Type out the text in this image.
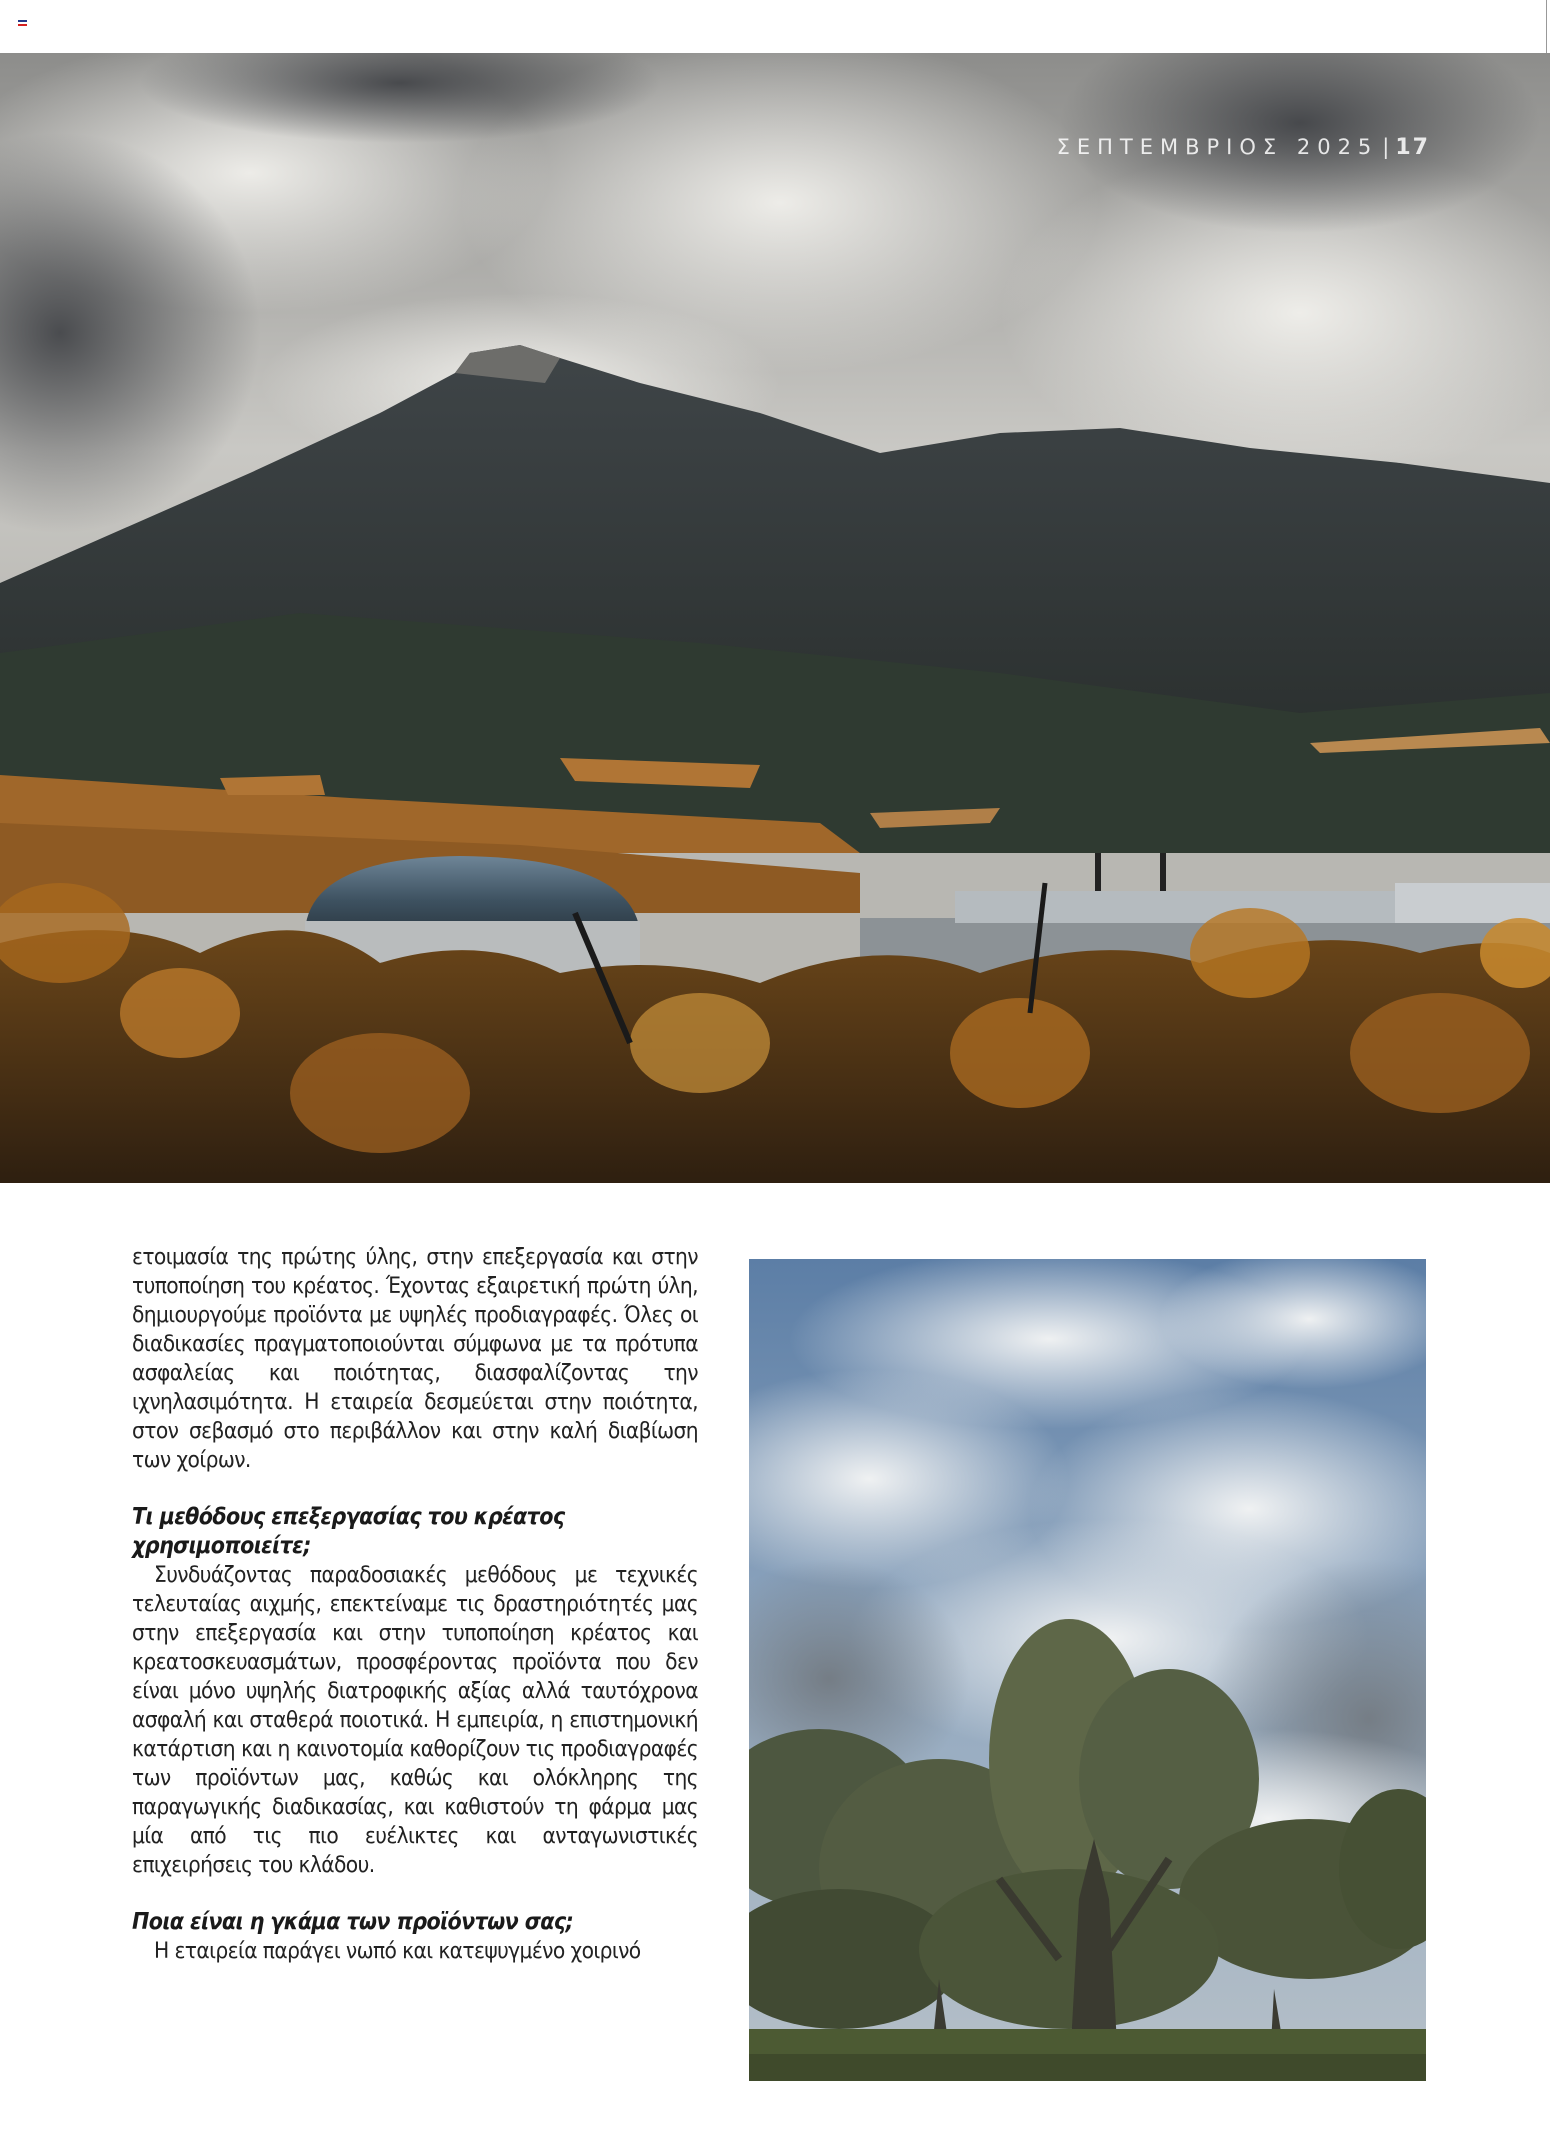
ΣΕΠΤΕΜΒΡΙΟΣ 2025 | 17

ετοιμασία της πρώτης ύλης, στην επεξεργασία και στην τυποποίηση του κρέατος. Έχοντας εξαιρετική πρώτη ύλη, δημιουργούμε προϊόντα με υψηλές προδιαγραφές. Όλες οι διαδικασίες πραγματοποιούνται σύμφωνα με τα πρότυπα ασφαλείας και ποιότητας, διασφαλίζοντας την ιχνηλασιμότητα. Η εταιρεία δεσμεύεται στην ποιότητα, στον σεβασμό στο περιβάλλον και στην καλή διαβίωση των χοίρων.

Τι μεθόδους επεξεργασίας του κρέατος χρησιμοποιείτε;

Συνδυάζοντας παραδοσιακές μεθόδους με τεχνικές τελευταίας αιχμής, επεκτείναμε τις δραστηριότητές μας στην επεξεργασία και στην τυποποίηση κρέατος και κρεατοσκευασμάτων, προσφέροντας προϊόντα που δεν είναι μόνο υψηλής διατροφικής αξίας αλλά ταυτόχρονα ασφαλή και σταθερά ποιοτικά. Η εμπειρία, η επιστημονική κατάρτιση και η καινοτομία καθορίζουν τις προδιαγραφές των προϊόντων μας, καθώς και ολόκληρης της παραγωγικής διαδικασίας, και καθιστούν τη φάρμα μας μία από τις πιο ευέλικτες και ανταγωνιστικές επιχειρήσεις του κλάδου.

Ποια είναι η γκάμα των προϊόντων σας;

Η εταιρεία παράγει νωπό και κατεψυγμένο χοιρινό
